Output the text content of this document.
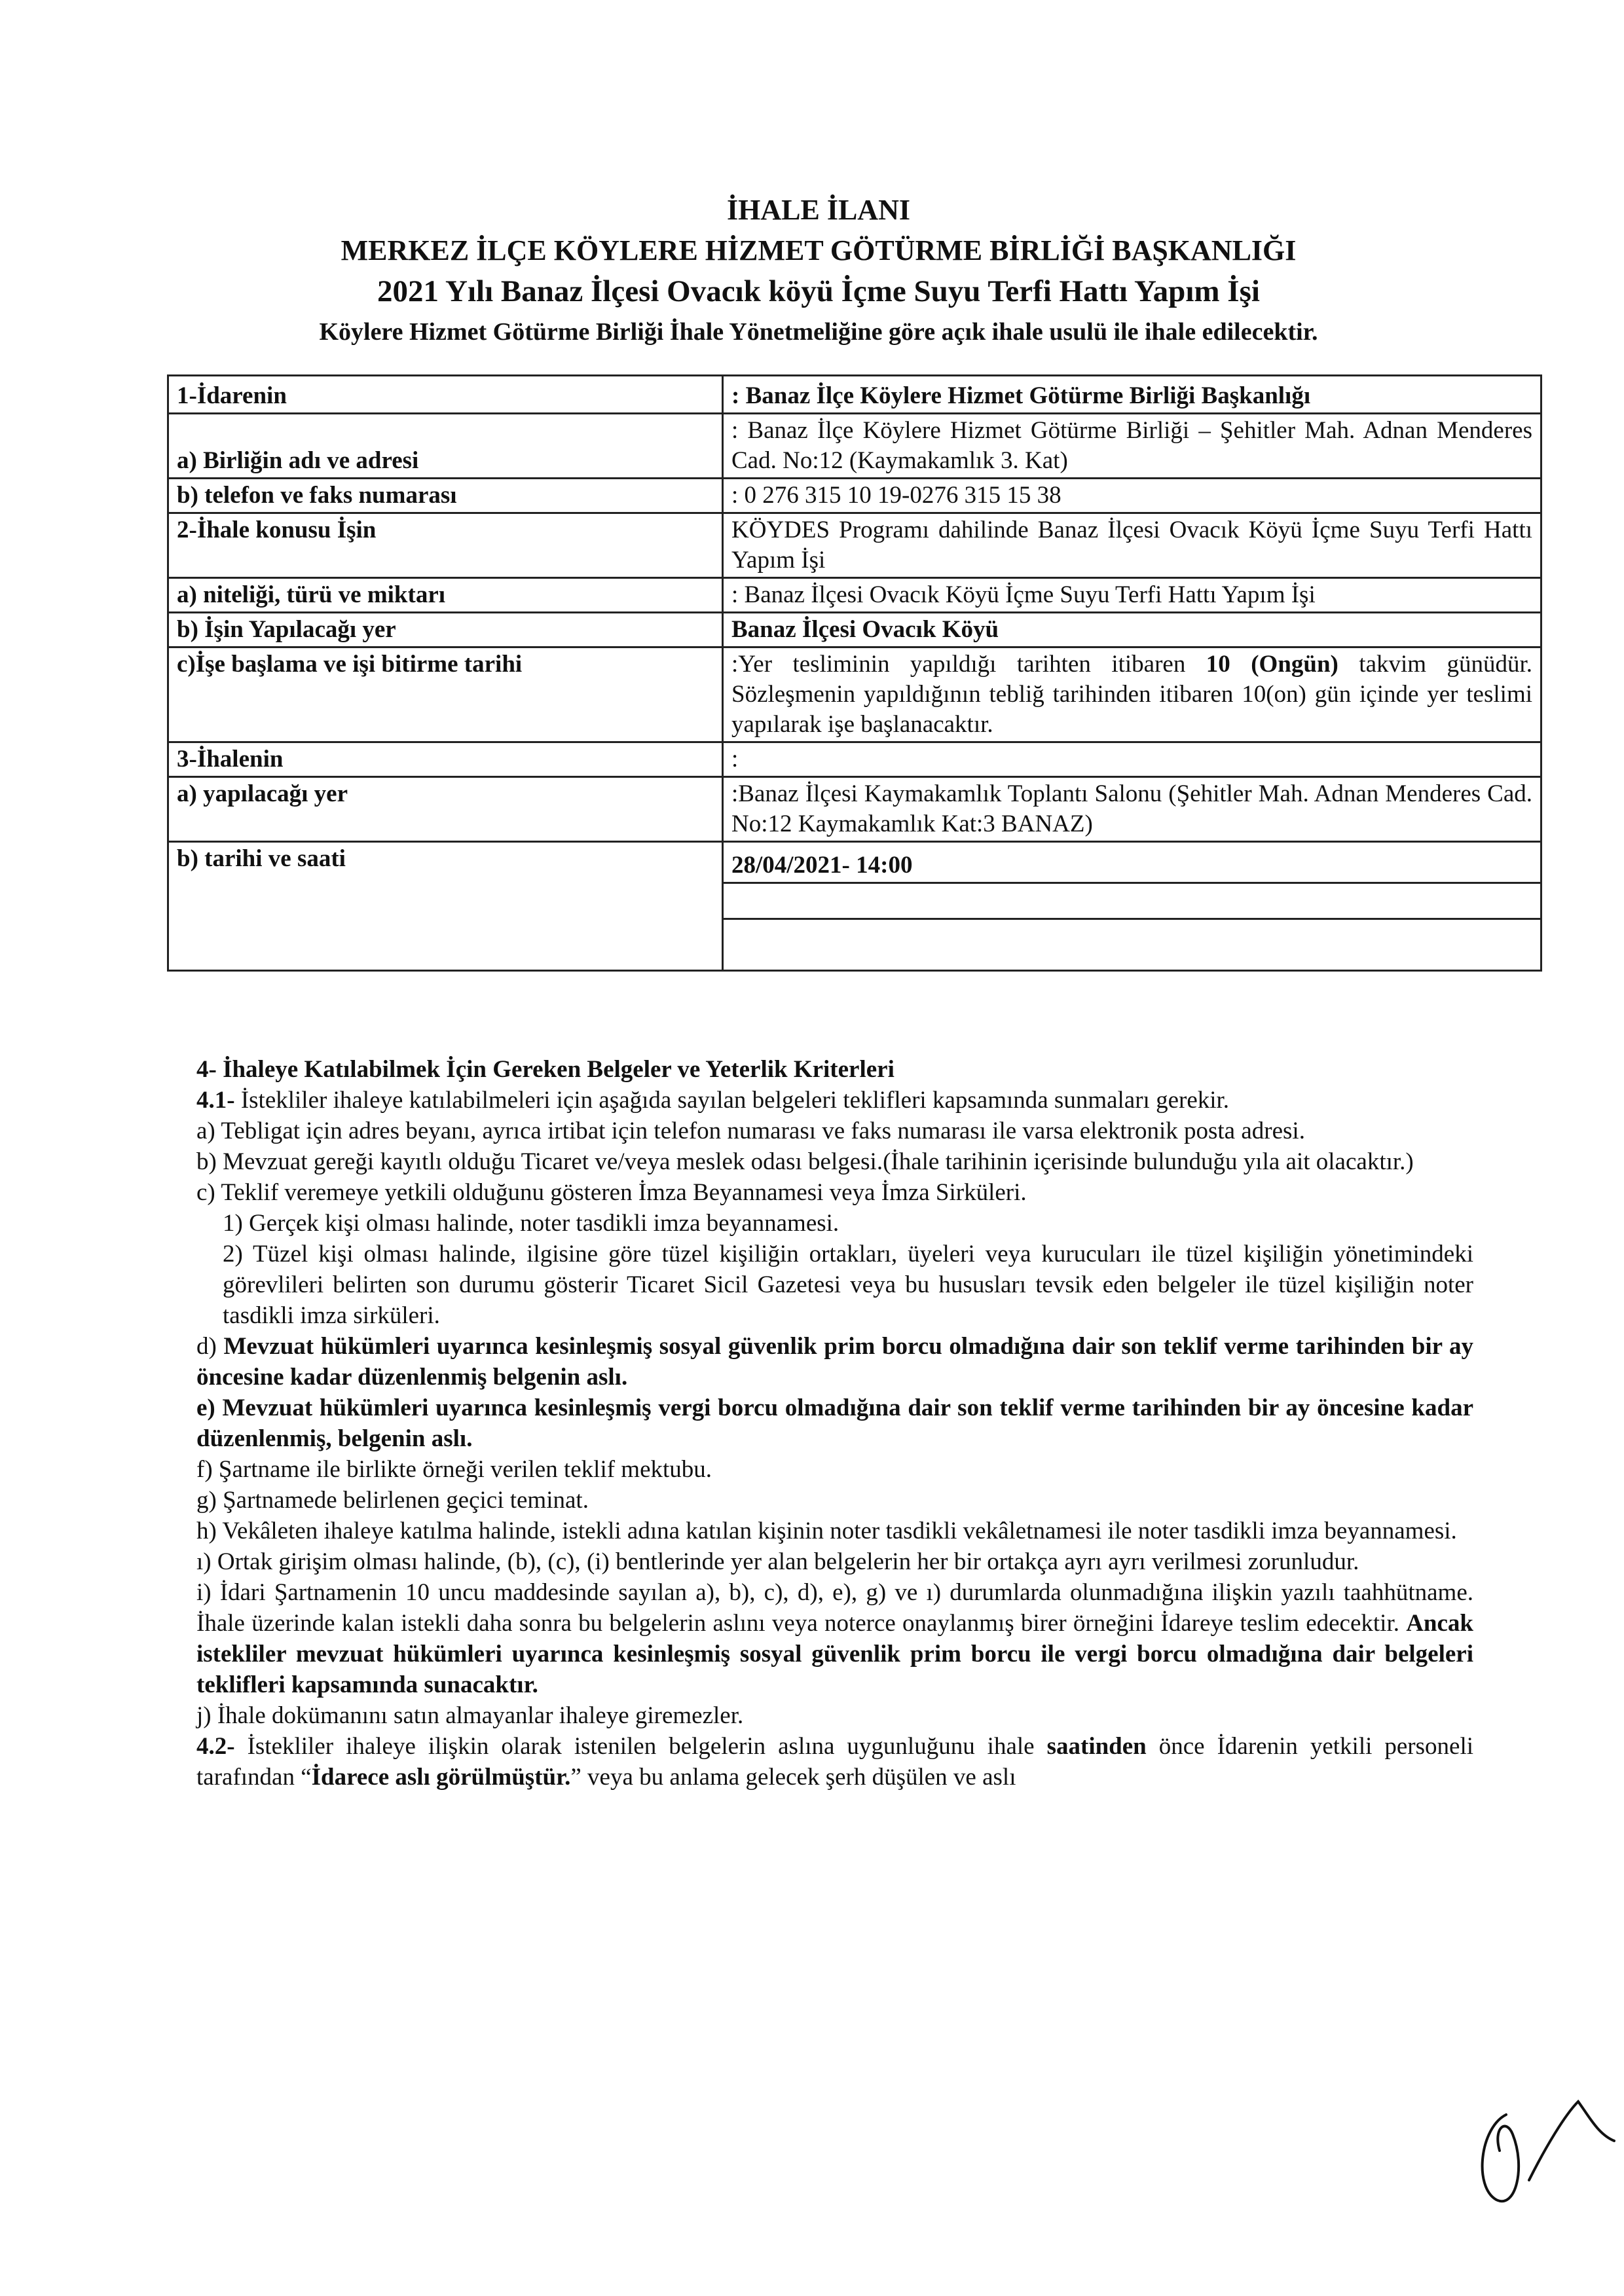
İHALE İLANI
MERKEZ İLÇE KÖYLERE HİZMET GÖTÜRME BİRLİĞİ BAŞKANLIĞI
2021 Yılı Banaz İlçesi Ovacık köyü İçme Suyu Terfi Hattı Yapım İşi
Köylere Hizmet Götürme Birliği İhale Yönetmeliğine göre açık ihale usulü ile ihale edilecektir.
1-İdarenin	: Banaz İlçe Köylere Hizmet Götürme Birliği Başkanlığı
a) Birliğin adı ve adresi	: Banaz İlçe Köylere Hizmet Götürme Birliği – Şehitler Mah. Adnan Menderes Cad. No:12 (Kaymakamlık 3. Kat)
b) telefon ve faks numarası	: 0 276 315 10 19-0276 315 15 38
2-İhale konusu İşin	KÖYDES Programı dahilinde Banaz İlçesi Ovacık Köyü İçme Suyu Terfi Hattı Yapım İşi
a) niteliği, türü ve miktarı	: Banaz İlçesi Ovacık Köyü İçme Suyu Terfi Hattı Yapım İşi
b) İşin Yapılacağı yer	Banaz İlçesi Ovacık Köyü
c)İşe başlama ve işi bitirme tarihi	:Yer tesliminin yapıldığı tarihten itibaren 10 (Ongün) takvim günüdür. Sözleşmenin yapıldığının tebliğ tarihinden itibaren 10(on) gün içinde yer teslimi yapılarak işe başlanacaktır.
3-İhalenin	:
a) yapılacağı yer	:Banaz İlçesi Kaymakamlık Toplantı Salonu (Şehitler Mah. Adnan Menderes Cad. No:12 Kaymakamlık Kat:3 BANAZ)
b) tarihi ve saati	28/04/2021- 14:00

4- İhaleye Katılabilmek İçin Gereken Belgeler ve Yeterlik Kriterleri

4.1- İstekliler ihaleye katılabilmeleri için aşağıda sayılan belgeleri teklifleri kapsamında sunmaları gerekir.

a) Tebligat için adres beyanı, ayrıca irtibat için telefon numarası ve faks numarası ile varsa elektronik posta adresi.

b) Mevzuat gereği kayıtlı olduğu Ticaret ve/veya meslek odası belgesi.(İhale tarihinin içerisinde bulunduğu yıla ait olacaktır.)

c) Teklif veremeye yetkili olduğunu gösteren İmza Beyannamesi veya İmza Sirküleri.

1) Gerçek kişi olması halinde, noter tasdikli imza beyannamesi.

2) Tüzel kişi olması halinde, ilgisine göre tüzel kişiliğin ortakları, üyeleri veya kurucuları ile tüzel kişiliğin yönetimindeki görevlileri belirten son durumu gösterir Ticaret Sicil Gazetesi veya bu hususları tevsik eden belgeler ile tüzel kişiliğin noter tasdikli imza sirküleri.

d) Mevzuat hükümleri uyarınca kesinleşmiş sosyal güvenlik prim borcu olmadığına dair son teklif verme tarihinden bir ay öncesine kadar düzenlenmiş belgenin aslı.

e) Mevzuat hükümleri uyarınca kesinleşmiş vergi borcu olmadığına dair son teklif verme tarihinden bir ay öncesine kadar düzenlenmiş, belgenin aslı.

f) Şartname ile birlikte örneği verilen teklif mektubu.

g) Şartnamede belirlenen geçici teminat.

h) Vekâleten ihaleye katılma halinde, istekli adına katılan kişinin noter tasdikli vekâletnamesi ile noter tasdikli imza beyannamesi.

ı) Ortak girişim olması halinde, (b), (c), (i) bentlerinde yer alan belgelerin her bir ortakça ayrı ayrı verilmesi zorunludur.

i) İdari Şartnamenin 10 uncu maddesinde sayılan a), b), c), d), e), g) ve ı) durumlarda olunmadığına ilişkin yazılı taahhütname. İhale üzerinde kalan istekli daha sonra bu belgelerin aslını veya noterce onaylanmış birer örneğini İdareye teslim edecektir. Ancak istekliler mevzuat hükümleri uyarınca kesinleşmiş sosyal güvenlik prim borcu ile vergi borcu olmadığına dair belgeleri teklifleri kapsamında sunacaktır.

j) İhale dokümanını satın almayanlar ihaleye giremezler.

4.2- İstekliler ihaleye ilişkin olarak istenilen belgelerin aslına uygunluğunu ihale saatinden önce İdarenin yetkili personeli tarafından “İdarece aslı görülmüştür.” veya bu anlama gelecek şerh düşülen ve aslı
